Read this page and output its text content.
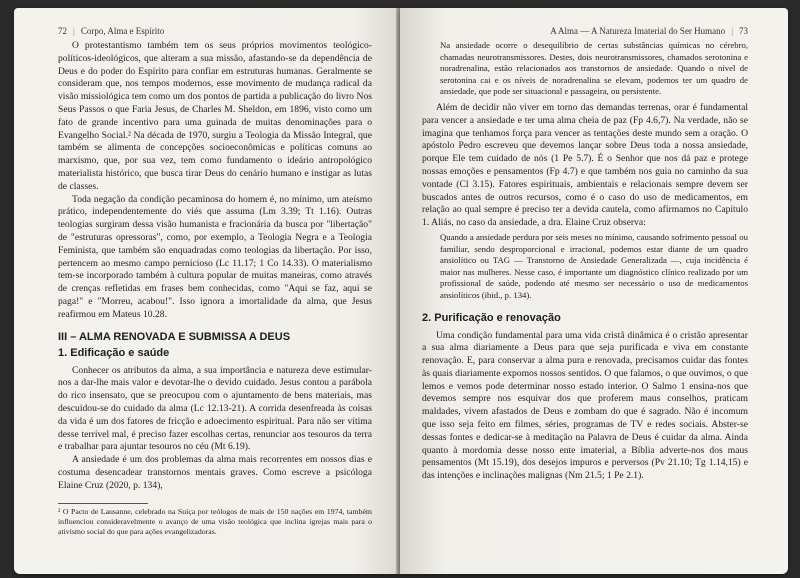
72 | Corpo, Alma e Espírito

O protestantismo também tem os seus próprios movimentos teológico-políticos-ideológicos, que alteram a sua missão, afastando-se da dependência de Deus e do poder do Espírito para confiar em estruturas humanas. Geralmente se consideram que, nos tempos modernos, esse movimento de mudança radical da visão missiológica tem como um dos pontos de partida a publicação do livro Nos Seus Passos o que Faria Jesus, de Charles M. Sheldon, em 1896, visto como um fato de grande incentivo para uma guinada de muitas denominações para o Evangelho Social.² Na década de 1970, surgiu a Teologia da Missão Integral, que também se alimenta de concepções socioeconômicas e políticas comuns ao marxismo, que, por sua vez, tem como fundamento o ideário antropológico materialista histórico, que busca tirar Deus do cenário humano e instigar as lutas de classes.

Toda negação da condição pecaminosa do homem é, no mínimo, um ateísmo prático, independentemente do viés que assuma (Lm 3.39; Tt 1.16). Outras teologias surgiram dessa visão humanista e fracionária da busca por "libertação" de "estruturas opressoras", como, por exemplo, a Teologia Negra e a Teologia Feminista, que também são enquadradas como teologias da libertação. Por isso, pertencem ao mesmo campo pernicioso (Lc 11.17; 1 Co 14.33). O materialismo tem-se incorporado também à cultura popular de muitas maneiras, como através de crenças refletidas em frases bem conhecidas, como "Aqui se faz, aqui se paga!" e "Morreu, acabou!". Isso ignora a imortalidade da alma, que Jesus reafirmou em Mateus 10.28.

III – ALMA RENOVADA E SUBMISSA A DEUS
1. Edificação e saúde

Conhecer os atributos da alma, a sua importância e natureza deve estimular-nos a dar-lhe mais valor e devotar-lhe o devido cuidado. Jesus contou a parábola do rico insensato, que se preocupou com o ajuntamento de bens materiais, mas descuidou-se do cuidado da alma (Lc 12.13-21). A corrida desenfreada às coisas da vida é um dos fatores de fricção e adoecimento espiritual. Para não ser vítima desse terrível mal, é preciso fazer escolhas certas, renunciar aos tesouros da terra e trabalhar para ajuntar tesouros no céu (Mt 6.19).

A ansiedade é um dos problemas da alma mais recorrentes em nossos dias e costuma desencadear transtornos mentais graves. Como escreve a psicóloga Elaine Cruz (2020, p. 134),

² O Pacto de Lausanne, celebrado na Suíça por teólogos de mais de 150 nações em 1974, também influenciou consideravelmente o avanço de uma visão teológica que inclina igrejas mais para o ativismo social do que para ações evangelizadoras.
A Alma — A Natureza Imaterial do Ser Humano | 73
Na ansiedade ocorre o desequilíbrio de certas substâncias químicas no cérebro, chamadas neurotransmissores. Destes, dois neurotransmissores, chamados serotonina e noradrenalina, estão relacionados aos transtornos de ansiedade. Quando o nível de serotonina cai e os níveis de noradrenalina se elevam, podemos ter um quadro de ansiedade, que pode ser situacional e passageira, ou persistente.

Além de decidir não viver em torno das demandas terrenas, orar é fundamental para vencer a ansiedade e ter uma alma cheia de paz (Fp 4.6,7). Na verdade, não se imagina que tenhamos força para vencer as tentações deste mundo sem a oração. O apóstolo Pedro escreveu que devemos lançar sobre Deus toda a nossa ansiedade, porque Ele tem cuidado de nós (1 Pe 5.7). É o Senhor que nos dá paz e protege nossas emoções e pensamentos (Fp 4.7) e que também nos guia no caminho da sua vontade (Cl 3.15). Fatores espirituais, ambientais e relacionais sempre devem ser buscados antes de outros recursos, como é o caso do uso de medicamentos, em relação ao qual sempre é preciso ter a devida cautela, como afirmamos no Capítulo 1. Aliás, no caso da ansiedade, a dra. Elaine Cruz observa:

Quando a ansiedade perdura por seis meses no mínimo, causando sofrimento pessoal ou familiar, sendo desproporcional e irracional, podemos estar diante de um quadro ansiolítico ou TAG — Transtorno de Ansiedade Generalizada —, cuja incidência é maior nas mulheres. Nesse caso, é importante um diagnóstico clínico realizado por um profissional de saúde, podendo até mesmo ser necessário o uso de medicamentos ansiolíticos (ibid., p. 134).
2. Purificação e renovação

Uma condição fundamental para uma vida cristã dinâmica é o cristão apresentar a sua alma diariamente a Deus para que seja purificada e viva em constante renovação. E, para conservar a alma pura e renovada, precisamos cuidar das fontes às quais diariamente expomos nossos sentidos. O que falamos, o que ouvimos, o que lemos e vemos pode determinar nosso estado interior. O Salmo 1 ensina-nos que devemos sempre nos esquivar dos que proferem maus conselhos, praticam maldades, vivem afastados de Deus e zombam do que é sagrado. Não é incomum que isso seja feito em filmes, séries, programas de TV e redes sociais. Abster-se dessas fontes e dedicar-se à meditação na Palavra de Deus é cuidar da alma. Ainda quanto à mordomia desse nosso ente imaterial, a Bíblia adverte-nos dos maus pensamentos (Mt 15.19), dos desejos impuros e perversos (Pv 21.10; Tg 1.14,15) e das intenções e inclinações malignas (Nm 21.5; 1 Pe 2.1).
